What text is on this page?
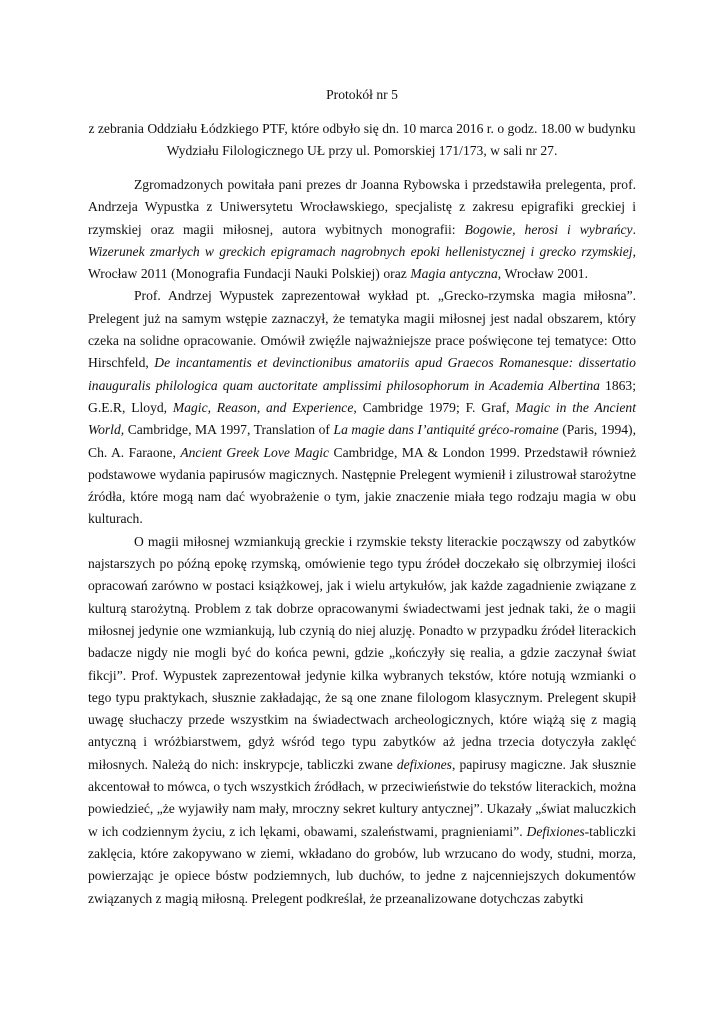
Protokół nr 5
z zebrania Oddziału Łódzkiego PTF, które odbyło się dn. 10 marca 2016 r. o godz. 18.00 w budynku Wydziału Filologicznego UŁ przy ul. Pomorskiej 171/173, w sali nr 27.

Zgromadzonych powitała pani prezes dr Joanna Rybowska i przedstawiła prelegenta, prof. Andrzeja Wypustka z Uniwersytetu Wrocławskiego, specjalistę z zakresu epigrafiki greckiej i rzymskiej oraz magii miłosnej, autora wybitnych monografii: Bogowie, herosi i wybrańcy. Wizerunek zmarłych w greckich epigramach nagrobnych epoki hellenistycznej i grecko rzymskiej, Wrocław 2011 (Monografia Fundacji Nauki Polskiej) oraz Magia antyczna, Wrocław 2001.

Prof. Andrzej Wypustek zaprezentował wykład pt. „Grecko-rzymska magia miłosna”. Prelegent już na samym wstępie zaznaczył, że tematyka magii miłosnej jest nadal obszarem, który czeka na solidne opracowanie. Omówił zwięźle najważniejsze prace poświęcone tej tematyce: Otto Hirschfeld, De incantamentis et devinctionibus amatoriis apud Graecos Romanesque: dissertatio inauguralis philologica quam auctoritate amplissimi philosophorum in Academia Albertina 1863; G.E.R, Lloyd, Magic, Reason, and Experience, Cambridge 1979; F. Graf, Magic in the Ancient World, Cambridge, MA 1997, Translation of La magie dans I’antiquité gréco-romaine (Paris, 1994), Ch. A. Faraone, Ancient Greek Love Magic Cambridge, MA & London 1999. Przedstawił również podstawowe wydania papirusów magicznych. Następnie Prelegent wymienił i zilustrował starożytne źródła, które mogą nam dać wyobrażenie o tym, jakie znaczenie miała tego rodzaju magia w obu kulturach.

O magii miłosnej wzmiankują greckie i rzymskie teksty literackie począwszy od zabytków najstarszych po późną epokę rzymską, omówienie tego typu źródeł doczekało się olbrzymiej ilości opracowań zarówno w postaci książkowej, jak i wielu artykułów, jak każde zagadnienie związane z kulturą starożytną. Problem z tak dobrze opracowanymi świadectwami jest jednak taki, że o magii miłosnej jedynie one wzmiankują, lub czynią do niej aluzję. Ponadto w przypadku źródeł literackich badacze nigdy nie mogli być do końca pewni, gdzie „kończyły się realia, a gdzie zaczynał świat fikcji”. Prof. Wypustek zaprezentował jedynie kilka wybranych tekstów, które notują wzmianki o tego typu praktykach, słusznie zakładając, że są one znane filologom klasycznym. Prelegent skupił uwagę słuchaczy przede wszystkim na świadectwach archeologicznych, które wiążą się z magią antyczną i wróżbiarstwem, gdyż wśród tego typu zabytków aż jedna trzecia dotyczyła zaklęć miłosnych. Należą do nich: inskrypcje, tabliczki zwane defixiones, papirusy magiczne. Jak słusznie akcentował to mówca, o tych wszystkich źródłach, w przeciwieństwie do tekstów literackich, można powiedzieć, „że wyjawiły nam mały, mroczny sekret kultury antycznej”. Ukazały „świat maluczkich w ich codziennym życiu, z ich lękami, obawami, szaleństwami, pragnieniami”. Defixiones-tabliczki zaklęcia, które zakopywano w ziemi, wkładano do grobów, lub wrzucano do wody, studni, morza, powierzając je opiece bóstw podziemnych, lub duchów, to jedne z najcenniejszych dokumentów związanych z magią miłosną. Prelegent podkreślał, że przeanalizowane dotychczas zabytki
